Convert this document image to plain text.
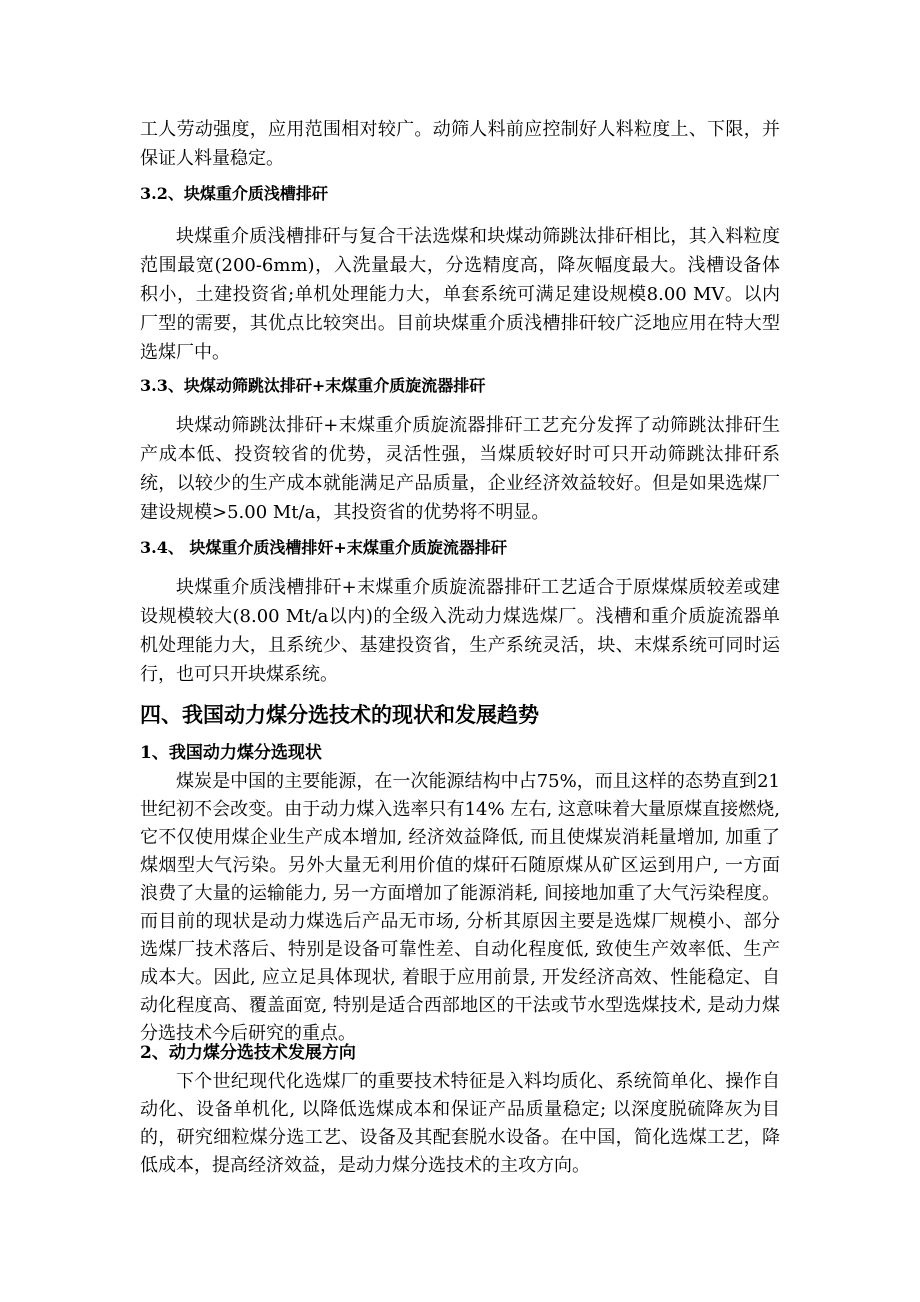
工人劳动强度，应用范围相对较广。动筛人料前应控制好人料粒度上、下限，并保证人料量稳定。

3.2、块煤重介质浅槽排矸

块煤重介质浅槽排矸与复合干法选煤和块煤动筛跳汰排矸相比，其入料粒度范围最宽(200-6mm)，入洗量最大，分选精度高，降灰幅度最大。浅槽设备体积小，土建投资省;单机处理能力大，单套系统可满足建设规模8.00 MV。以内厂型的需要，其优点比较突出。目前块煤重介质浅槽排矸较广泛地应用在特大型选煤厂中。

3.3、块煤动筛跳汰排矸+末煤重介质旋流器排矸

块煤动筛跳汰排矸+末煤重介质旋流器排矸工艺充分发挥了动筛跳汰排矸生产成本低、投资较省的优势，灵活性强，当煤质较好时可只开动筛跳汰排矸系统，以较少的生产成本就能满足产品质量，企业经济效益较好。但是如果选煤厂建设规模>5.00 Mt/a，其投资省的优势将不明显。

3.4、 块煤重介质浅槽排奸+末煤重介质旋流器排矸

块煤重介质浅槽排矸+末煤重介质旋流器排矸工艺适合于原煤煤质较差或建设规模较大(8.00 Mt/a以内)的全级入洗动力煤选煤厂。浅槽和重介质旋流器单机处理能力大，且系统少、基建投资省，生产系统灵活，块、末煤系统可同时运行，也可只开块煤系统。

四、我国动力煤分选技术的现状和发展趋势
1、我国动力煤分选现状

煤炭是中国的主要能源，在一次能源结构中占75%，而且这样的态势直到21世纪初不会改变。由于动力煤入选率只有14% 左右, 这意味着大量原煤直接燃烧, 它不仅使用煤企业生产成本增加, 经济效益降低, 而且使煤炭消耗量增加, 加重了煤烟型大气污染。另外大量无利用价值的煤矸石随原煤从矿区运到用户, 一方面浪费了大量的运输能力, 另一方面增加了能源消耗, 间接地加重了大气污染程度。而目前的现状是动力煤选后产品无市场, 分析其原因主要是选煤厂规模小、部分选煤厂技术落后、特别是设备可靠性差、自动化程度低, 致使生产效率低、生产成本大。因此, 应立足具体现状, 着眼于应用前景, 开发经济高效、性能稳定、自动化程度高、覆盖面宽, 特别是适合西部地区的干法或节水型选煤技术, 是动力煤分选技术今后研究的重点。

2、动力煤分选技术发展方向

下个世纪现代化选煤厂的重要技术特征是入料均质化、系统简单化、操作自动化、设备单机化, 以降低选煤成本和保证产品质量稳定; 以深度脱硫降灰为目的，研究细粒煤分选工艺、设备及其配套脱水设备。在中国，简化选煤工艺，降低成本，提高经济效益，是动力煤分选技术的主攻方向。
